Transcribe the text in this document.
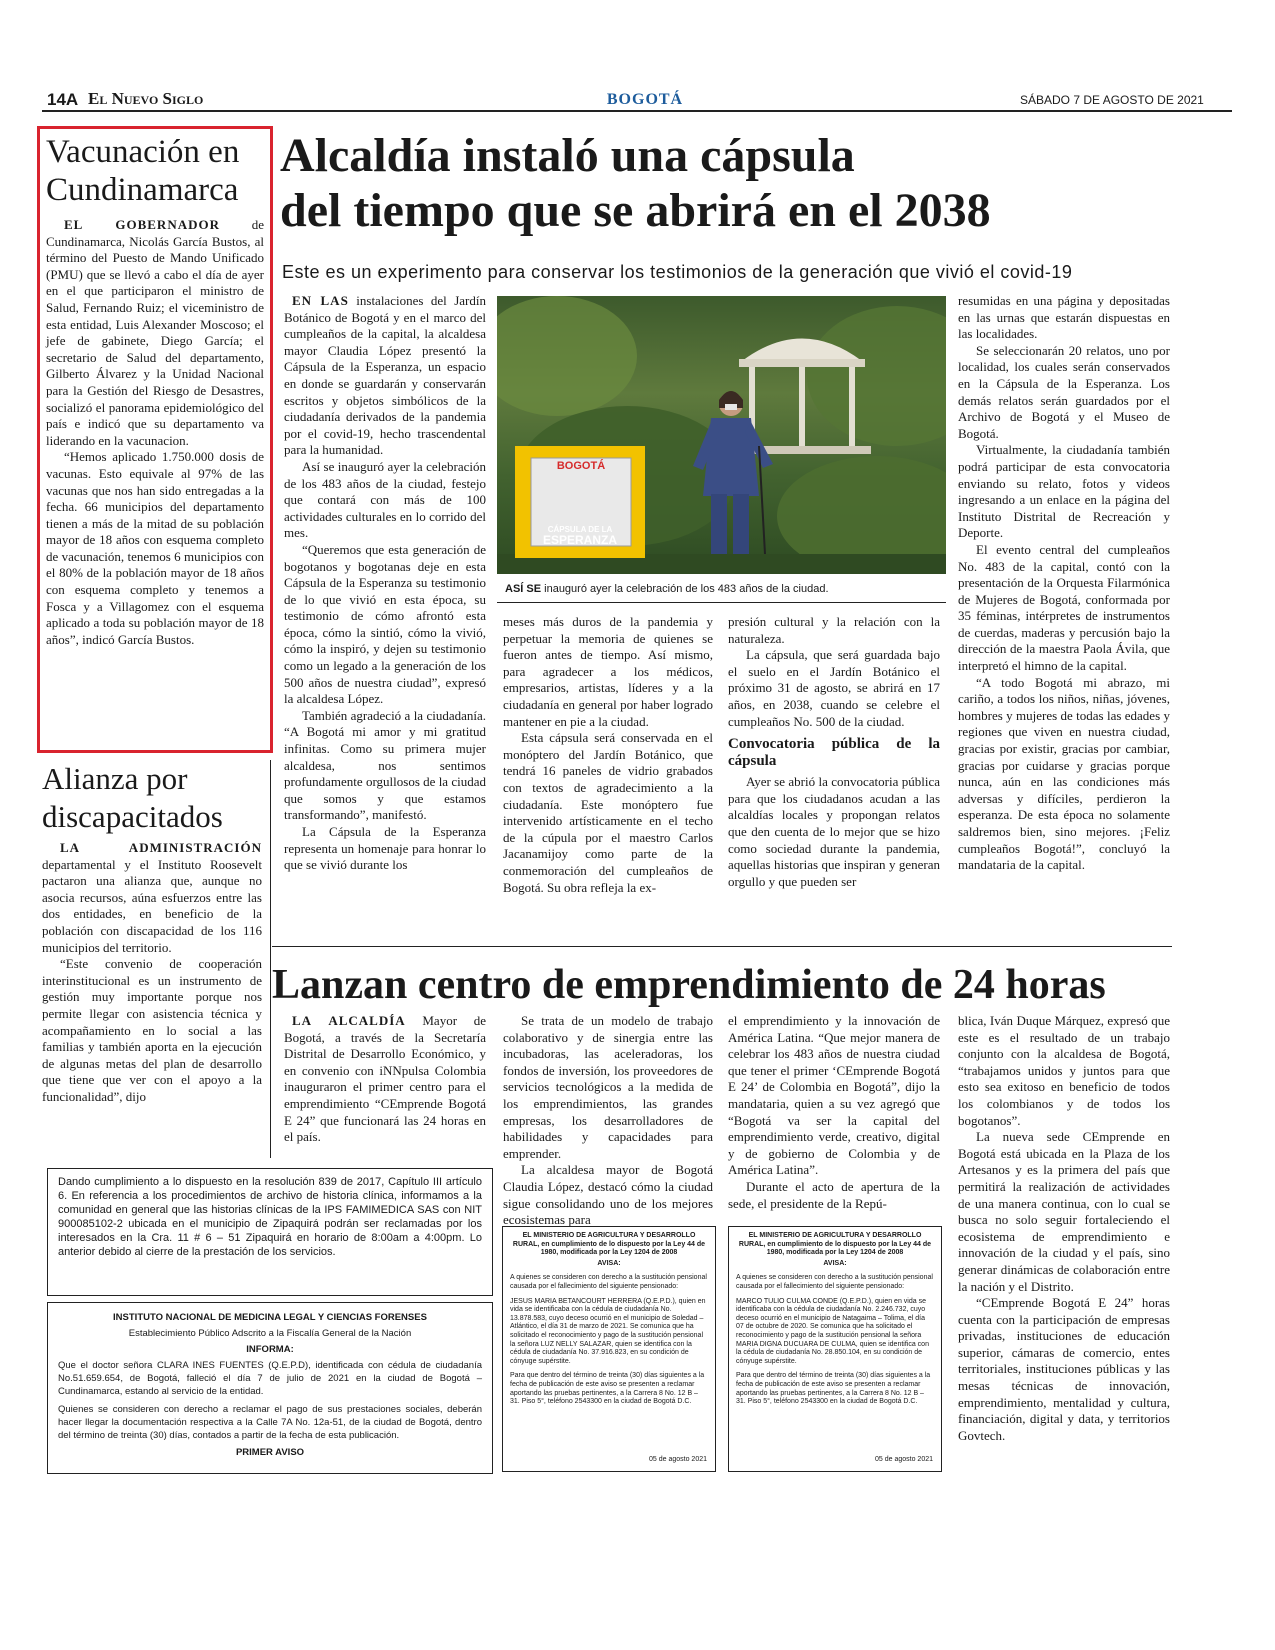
14A El Nuevo Siglo	BOGOTÁ	SÁBADO 7 DE AGOSTO DE 2021
Vacunación en
Cundinamarca

EL GOBERNADOR de Cundinamarca, Nicolás García Bustos, al término del Puesto de Mando Unificado (PMU) que se llevó a cabo el día de ayer en el que participaron el ministro de Salud, Fernando Ruiz; el viceministro de esta entidad, Luis Alexander Moscoso; el jefe de gabinete, Diego García; el secretario de Salud del departamento, Gilberto Álvarez y la Unidad Nacional para la Gestión del Riesgo de Desastres, socializó el panorama epidemiológico del país e indicó que su departamento va liderando en la vacunacion.

“Hemos aplicado 1.750.000 dosis de vacunas. Esto equivale al 97% de las vacunas que nos han sido entregadas a la fecha. 66 municipios del departamento tienen a más de la mitad de su población mayor de 18 años con esquema completo de vacunación, tenemos 6 municipios con el 80% de la población mayor de 18 años con esquema completo y tenemos a Fosca y a Villagomez con el esquema aplicado a toda su población mayor de 18 años”, indicó García Bustos.

Alianza por
discapacitados

LA ADMINISTRACIÓN departamental y el Instituto Roosevelt pactaron una alianza que, aunque no asocia recursos, aúna esfuerzos entre las dos entidades, en beneficio de la población con discapacidad de los 116 municipios del territorio.

“Este convenio de cooperación interinstitucional es un instrumento de gestión muy importante porque nos permite llegar con asistencia técnica y acompañamiento en lo social a las familias y también aporta en la ejecución de algunas metas del plan de desarrollo que tiene que ver con el apoyo a la funcionalidad”, dijo

Alcaldía instaló una cápsula
del tiempo que se abrirá en el 2038
Este es un experimento para conservar los testimonios de la generación que vivió el covid-19

EN LAS instalaciones del Jardín Botánico de Bogotá y en el marco del cumpleaños de la capital, la alcaldesa mayor Claudia López presentó la Cápsula de la Esperanza, un espacio en donde se guardarán y conservarán escritos y objetos simbólicos de la ciudadanía derivados de la pandemia por el covid-19, hecho trascendental para la humanidad.

Así se inauguró ayer la celebración de los 483 años de la ciudad, festejo que contará con más de 100 actividades culturales en lo corrido del mes.

“Queremos que esta generación de bogotanos y bogotanas deje en esta Cápsula de la Esperanza su testimonio de lo que vivió en esta época, su testimonio de cómo afrontó esta época, cómo la sintió, cómo la vivió, cómo la inspiró, y dejen su testimonio como un legado a la generación de los 500 años de nuestra ciudad”, expresó la alcaldesa López.

También agradeció a la ciudadanía. “A Bogotá mi amor y mi gratitud infinitas. Como su primera mujer alcaldesa, nos sentimos profundamente orgullosos de la ciudad que somos y que estamos transformando”, manifestó.

La Cápsula de la Esperanza representa un homenaje para honrar lo que se vivió durante los

BOGOTÁ
CÁPSULA DE LA
ESPERANZA
ASÍ SE inauguró ayer la celebración de los 483 años de la ciudad.

meses más duros de la pandemia y perpetuar la memoria de quienes se fueron antes de tiempo. Así mismo, para agradecer a los médicos, empresarios, artistas, líderes y a la ciudadanía en general por haber logrado mantener en pie a la ciudad.

Esta cápsula será conservada en el monóptero del Jardín Botánico, que tendrá 16 paneles de vidrio grabados con textos de agradecimiento a la ciudadanía. Este monóptero fue intervenido artísticamente en el techo de la cúpula por el maestro Carlos Jacanamijoy como parte de la conmemoración del cumpleaños de Bogotá. Su obra refleja la ex-

presión cultural y la relación con la naturaleza.

La cápsula, que será guardada bajo el suelo en el Jardín Botánico el próximo 31 de agosto, se abrirá en 17 años, en 2038, cuando se celebre el cumpleaños No. 500 de la ciudad.

Convocatoria pública de la cápsula

Ayer se abrió la convocatoria pública para que los ciudadanos acudan a las alcaldías locales y propongan relatos que den cuenta de lo mejor que se hizo como sociedad durante la pandemia, aquellas historias que inspiran y generan orgullo y que pueden ser

resumidas en una página y depositadas en las urnas que estarán dispuestas en las localidades.

Se seleccionarán 20 relatos, uno por localidad, los cuales serán conservados en la Cápsula de la Esperanza. Los demás relatos serán guardados por el Archivo de Bogotá y el Museo de Bogotá.

Virtualmente, la ciudadanía también podrá participar de esta convocatoria enviando su relato, fotos y videos ingresando a un enlace en la página del Instituto Distrital de Recreación y Deporte.

El evento central del cumpleaños No. 483 de la capital, contó con la presentación de la Orquesta Filarmónica de Mujeres de Bogotá, conformada por 35 féminas, intérpretes de instrumentos de cuerdas, maderas y percusión bajo la dirección de la maestra Paola Ávila, que interpretó el himno de la capital.

“A todo Bogotá mi abrazo, mi cariño, a todos los niños, niñas, jóvenes, hombres y mujeres de todas las edades y regiones que viven en nuestra ciudad, gracias por existir, gracias por cambiar, gracias por cuidarse y gracias porque nunca, aún en las condiciones más adversas y difíciles, perdieron la esperanza. De esta época no solamente saldremos bien, sino mejores. ¡Feliz cumpleaños Bogotá!”, concluyó la mandataria de la capital.

Lanzan centro de emprendimiento de 24 horas

LA ALCALDÍA Mayor de Bogotá, a través de la Secretaría Distrital de Desarrollo Económico, y en convenio con iNNpulsa Colombia inauguraron el primer centro para el emprendimiento “CEmprende Bogotá E 24” que funcionará las 24 horas en el país.

Se trata de un modelo de trabajo colaborativo y de sinergia entre las incubadoras, las aceleradoras, los fondos de inversión, los proveedores de servicios tecnológicos a la medida de los emprendimientos, las grandes empresas, los desarrolladores de habilidades y capacidades para emprender.

La alcaldesa mayor de Bogotá Claudia López, destacó cómo la ciudad sigue consolidando uno de los mejores ecosistemas para

el emprendimiento y la innovación de América Latina. “Que mejor manera de celebrar los 483 años de nuestra ciudad que tener el primer ‘CEmprende Bogotá E 24’ de Colombia en Bogotá”, dijo la mandataria, quien a su vez agregó que “Bogotá va ser la capital del emprendimiento verde, creativo, digital y de gobierno de Colombia y de América Latina”.

Durante el acto de apertura de la sede, el presidente de la Repú-

blica, Iván Duque Márquez, expresó que este es el resultado de un trabajo conjunto con la alcaldesa de Bogotá, “trabajamos unidos y juntos para que esto sea exitoso en beneficio de todos los colombianos y de todos los bogotanos”.

La nueva sede CEmprende en Bogotá está ubicada en la Plaza de los Artesanos y es la primera del país que permitirá la realización de actividades de una manera continua, con lo cual se busca no solo seguir fortaleciendo el ecosistema de emprendimiento e innovación de la ciudad y el país, sino generar dinámicas de colaboración entre la nación y el Distrito.

“CEmprende Bogotá E 24” horas cuenta con la participación de empresas privadas, instituciones de educación superior, cámaras de comercio, entes territoriales, instituciones públicas y las mesas técnicas de innovación, emprendimiento, mentalidad y cultura, financiación, digital y data, y territorios Govtech.

Dando cumplimiento a lo dispuesto en la resolución 839 de 2017, Capítulo III artículo 6. En referencia a los procedimientos de archivo de historia clínica, informamos a la comunidad en general que las historias clínicas de la IPS FAMIMEDICA SAS con NIT 900085102-2 ubicada en el municipio de Zipaquirá podrán ser reclamadas por los interesados en la Cra. 11 # 6 – 51 Zipaquirá en horario de 8:00am a 4:00pm. Lo anterior debido al cierre de la prestación de los servicios.
INSTITUTO NACIONAL DE MEDICINA LEGAL Y CIENCIAS FORENSES
Establecimiento Público Adscrito a la Fiscalía General de la Nación
INFORMA:
Que el doctor señora CLARA INES FUENTES (Q.E.P.D), identificada con cédula de ciudadanía No.51.659.654, de Bogotá, falleció el día 7 de julio de 2021 en la ciudad de Bogotá – Cundinamarca, estando al servicio de la entidad.
Quienes se consideren con derecho a reclamar el pago de sus prestaciones sociales, deberán hacer llegar la documentación respectiva a la Calle 7A No. 12a-51, de la ciudad de Bogotá, dentro del término de treinta (30) días, contados a partir de la fecha de esta publicación.
PRIMER AVISO
EL MINISTERIO DE AGRICULTURA Y DESARROLLO RURAL, en cumplimiento de lo dispuesto por la Ley 44 de 1980, modificada por la Ley 1204 de 2008
AVISA:
A quienes se consideren con derecho a la sustitución pensional causada por el fallecimiento del siguiente pensionado:
JESUS MARIA BETANCOURT HERRERA (Q.E.P.D.), quien en vida se identificaba con la cédula de ciudadanía No. 13.878.583, cuyo deceso ocurrió en el municipio de Soledad – Atlántico, el día 31 de marzo de 2021. Se comunica que ha solicitado el reconocimiento y pago de la sustitución pensional la señora LUZ NELLY SALAZAR, quien se identifica con la cédula de ciudadanía No. 37.916.823, en su condición de cónyuge supérstite.
Para que dentro del término de treinta (30) días siguientes a la fecha de publicación de este aviso se presenten a reclamar aportando las pruebas pertinentes, a la Carrera 8 No. 12 B – 31. Piso 5°, teléfono 2543300 en la ciudad de Bogotá D.C.
05 de agosto 2021
EL MINISTERIO DE AGRICULTURA Y DESARROLLO RURAL, en cumplimiento de lo dispuesto por la Ley 44 de 1980, modificada por la Ley 1204 de 2008
AVISA:
A quienes se consideren con derecho a la sustitución pensional causada por el fallecimiento del siguiente pensionado:
MARCO TULIO CULMA CONDE (Q.E.P.D.), quien en vida se identificaba con la cédula de ciudadanía No. 2.246.732, cuyo deceso ocurrió en el municipio de Natagaima – Tolima, el día 07 de octubre de 2020. Se comunica que ha solicitado el reconocimiento y pago de la sustitución pensional la señora MARIA DIGNA DUCUARA DE CULMA, quien se identifica con la cédula de ciudadanía No. 28.850.104, en su condición de cónyuge supérstite.
Para que dentro del término de treinta (30) días siguientes a la fecha de publicación de este aviso se presenten a reclamar aportando las pruebas pertinentes, a la Carrera 8 No. 12 B – 31. Piso 5°, teléfono 2543300 en la ciudad de Bogotá D.C.
05 de agosto 2021
